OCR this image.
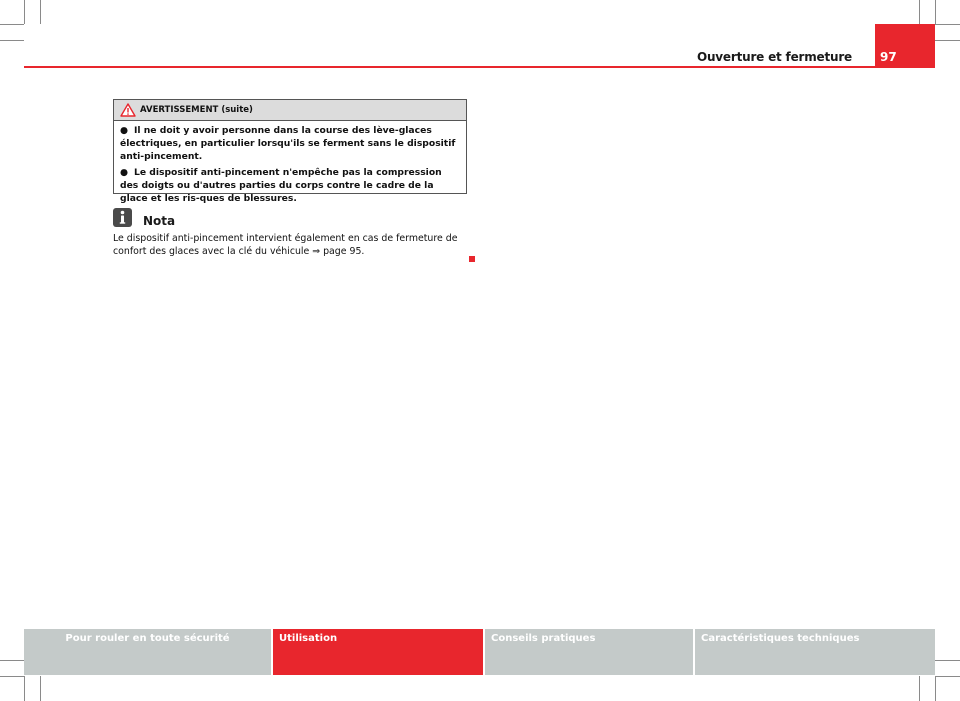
Ouverture et fermeture 97
AVERTISSEMENT (suite)
● Il ne doit y avoir personne dans la course des lève-glaces électriques, en particulier lorsqu'ils se ferment sans le dispositif anti-pincement.
● Le dispositif anti-pincement n'empêche pas la compression des doigts ou d'autres parties du corps contre le cadre de la glace et les ris-ques de blessures.
Nota
Le dispositif anti-pincement intervient également en cas de fermeture de confort des glaces avec la clé du véhicule ⇒ page 95.
Pour rouler en toute sécurité	Utilisation	Conseils pratiques	Caractéristiques techniques
